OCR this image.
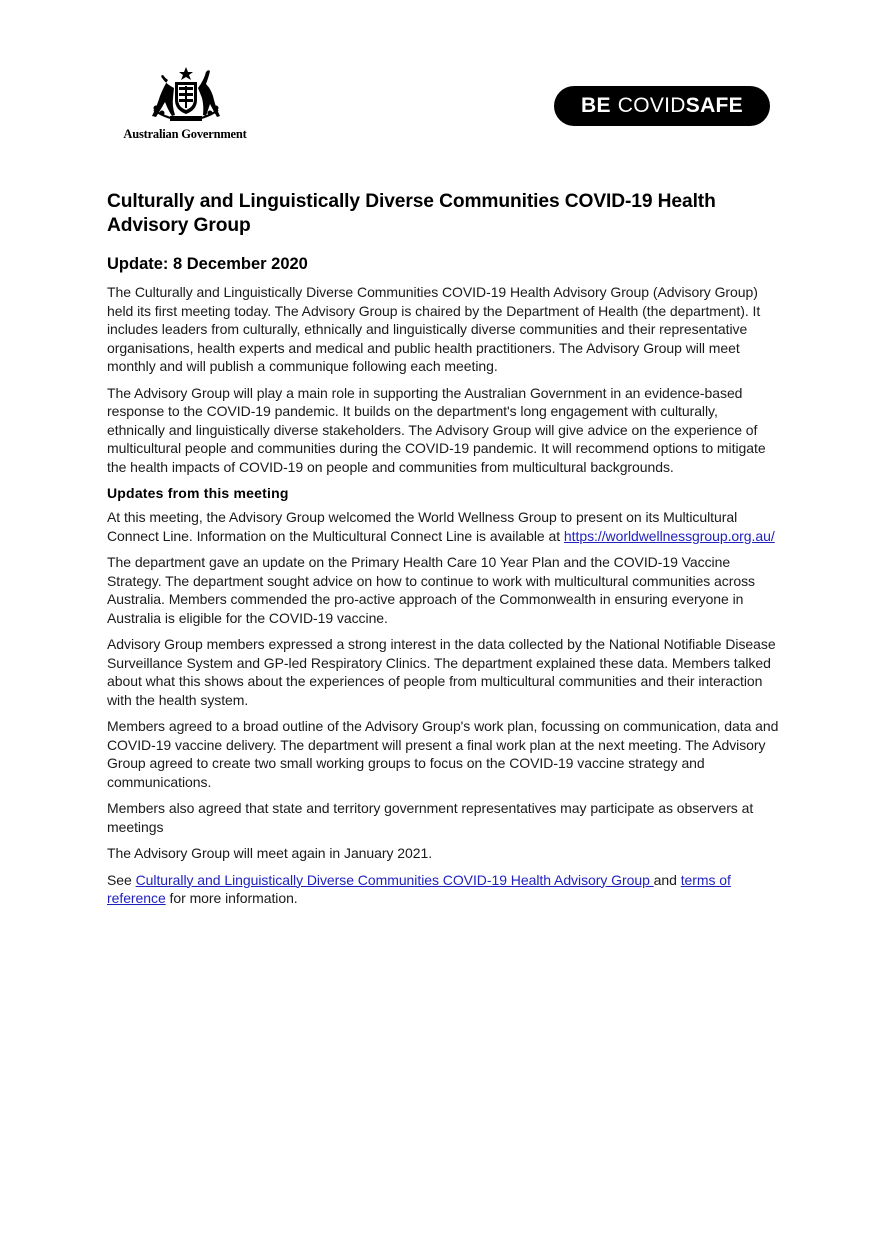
Australian Government
BE COVIDSAFE
Culturally and Linguistically Diverse Communities COVID-19 Health Advisory Group
Update: 8 December 2020

The Culturally and Linguistically Diverse Communities COVID-19 Health Advisory Group (Advisory Group) held its first meeting today. The Advisory Group is chaired by the Department of Health (the department). It includes leaders from culturally, ethnically and linguistically diverse communities and their representative organisations, health experts and medical and public health practitioners. The Advisory Group will meet monthly and will publish a communique following each meeting.

The Advisory Group will play a main role in supporting the Australian Government in an evidence-based response to the COVID-19 pandemic. It builds on the department's long engagement with culturally, ethnically and linguistically diverse stakeholders. The Advisory Group will give advice on the experience of multicultural people and communities during the COVID-19 pandemic. It will recommend options to mitigate the health impacts of COVID-19 on people and communities from multicultural backgrounds.

Updates from this meeting

At this meeting, the Advisory Group welcomed the World Wellness Group to present on its Multicultural Connect Line. Information on the Multicultural Connect Line is available at https://worldwellnessgroup.org.au/

The department gave an update on the Primary Health Care 10 Year Plan and the COVID-19 Vaccine Strategy. The department sought advice on how to continue to work with multicultural communities across Australia. Members commended the pro-active approach of the Commonwealth in ensuring everyone in Australia is eligible for the COVID-19 vaccine.

Advisory Group members expressed a strong interest in the data collected by the National Notifiable Disease Surveillance System and GP-led Respiratory Clinics. The department explained these data. Members talked about what this shows about the experiences of people from multicultural communities and their interaction with the health system.

Members agreed to a broad outline of the Advisory Group's work plan, focussing on communication, data and COVID-19 vaccine delivery. The department will present a final work plan at the next meeting. The Advisory Group agreed to create two small working groups to focus on the COVID-19 vaccine strategy and communications.

Members also agreed that state and territory government representatives may participate as observers at meetings

The Advisory Group will meet again in January 2021.

See Culturally and Linguistically Diverse Communities COVID-19 Health Advisory Group and terms of reference for more information.
